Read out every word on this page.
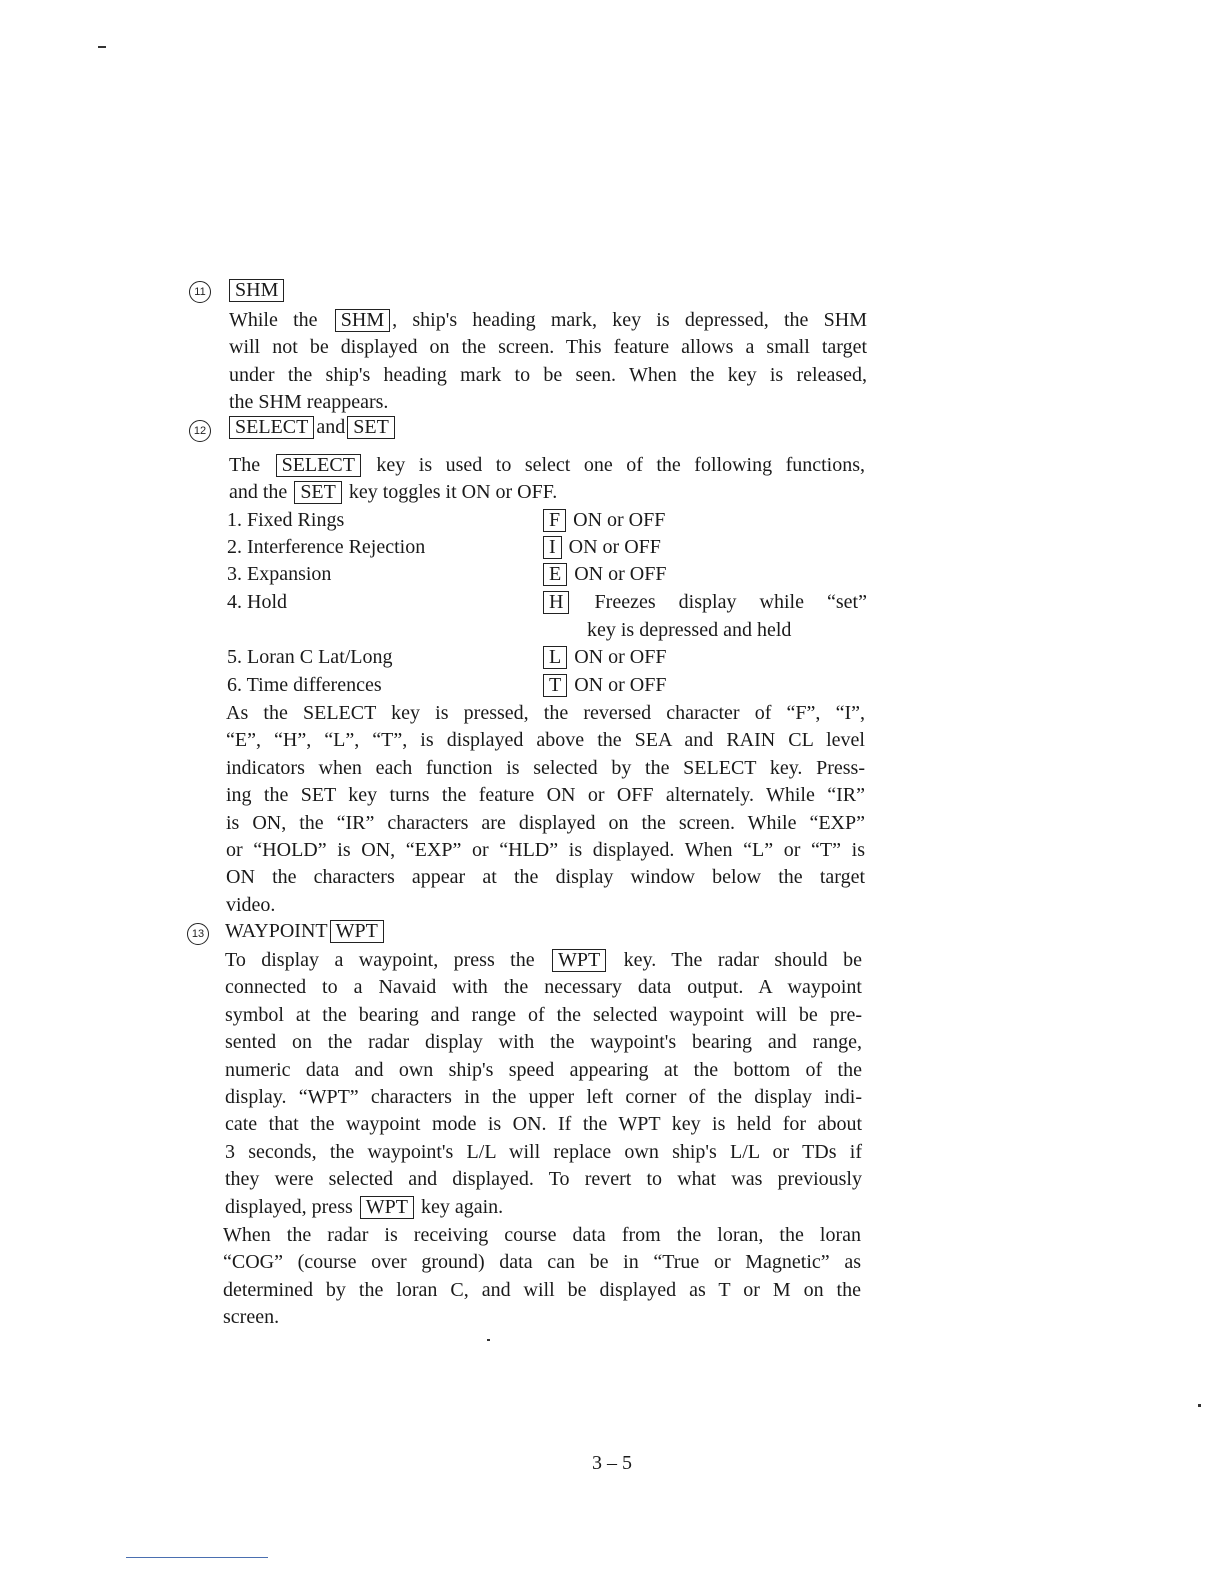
11	SHM
While the SHM , ship's heading mark, key is depressed, the SHM
will not be displayed on the screen. This feature allows a small target
under the ship's heading mark to be seen. When the key is released,
the SHM reappears.
12	SELECT and SET
The SELECT key is used to select one of the following functions,
and the SET key toggles it ON or OFF.
1. Fixed Rings	F ON or OFF
2. Interference Rejection	I ON or OFF
3. Expansion	E ON or OFF
4. Hold	H Freezes display while “set”
key is depressed and held
5. Loran C Lat/Long	L ON or OFF
6. Time differences	T ON or OFF
As the SELECT key is pressed, the reversed character of “F”, “I”,
“E”, “H”, “L”, “T”, is displayed above the SEA and RAIN CL level
indicators when each function is selected by the SELECT key. Press-
ing the SET key turns the feature ON or OFF alternately. While “IR”
is ON, the “IR” characters are displayed on the screen. While “EXP”
or “HOLD” is ON, “EXP” or “HLD” is displayed. When “L” or “T” is
ON the characters appear at the display window below the target
video.
13 WAYPOINT WPT
To display a waypoint, press the WPT key. The radar should be
connected to a Navaid with the necessary data output. A waypoint
symbol at the bearing and range of the selected waypoint will be pre-
sented on the radar display with the waypoint's bearing and range,
numeric data and own ship's speed appearing at the bottom of the
display. “WPT” characters in the upper left corner of the display indi-
cate that the waypoint mode is ON. If the WPT key is held for about
3 seconds, the waypoint's L/L will replace own ship's L/L or TDs if
they were selected and displayed. To revert to what was previously
displayed, press WPT key again.
When the radar is receiving course data from the loran, the loran
“COG” (course over ground) data can be in “True or Magnetic” as
determined by the loran C, and will be displayed as T or M on the
screen.
3 – 5
